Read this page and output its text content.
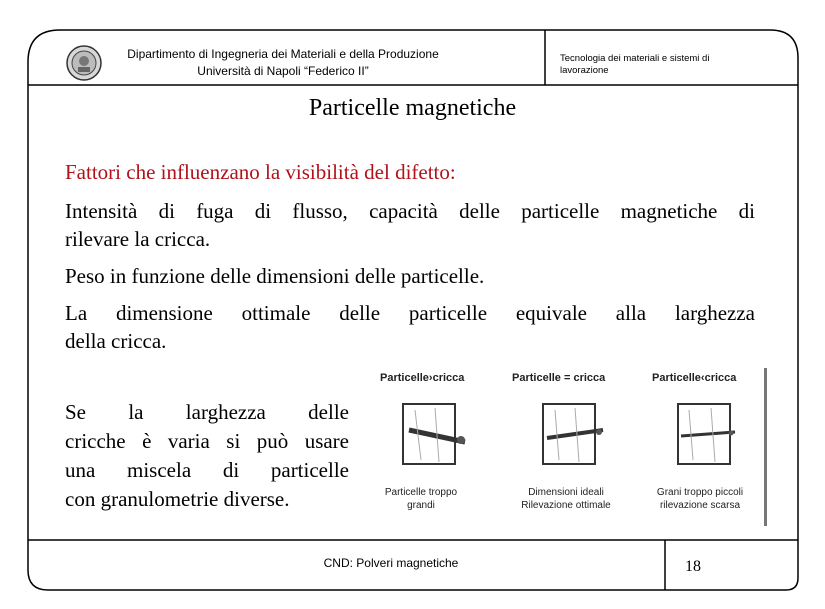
Dipartimento di Ingegneria dei Materiali e della Produzione
Università di Napoli “Federico II”
Tecnologia dei materiali e sistemi di lavorazione
Particelle magnetiche
Fattori che influenzano la visibilità del difetto:
Intensità di fuga di flusso, capacità delle particelle magnetiche di
rilevare la cricca.
Peso in funzione delle dimensioni delle particelle.
La dimensione ottimale delle particelle equivale alla larghezza
della cricca.
Se la larghezza delle
cricche è varia si può usare
una miscela di particelle
con granulometrie diverse.
Particelle›cricca	Particelle = cricca	Particelle‹cricca
Particelle troppo
grandi
Dimensioni ideali
Rilevazione ottimale
Grani troppo piccoli
rilevazione scarsa
CND: Polveri magnetiche	18
